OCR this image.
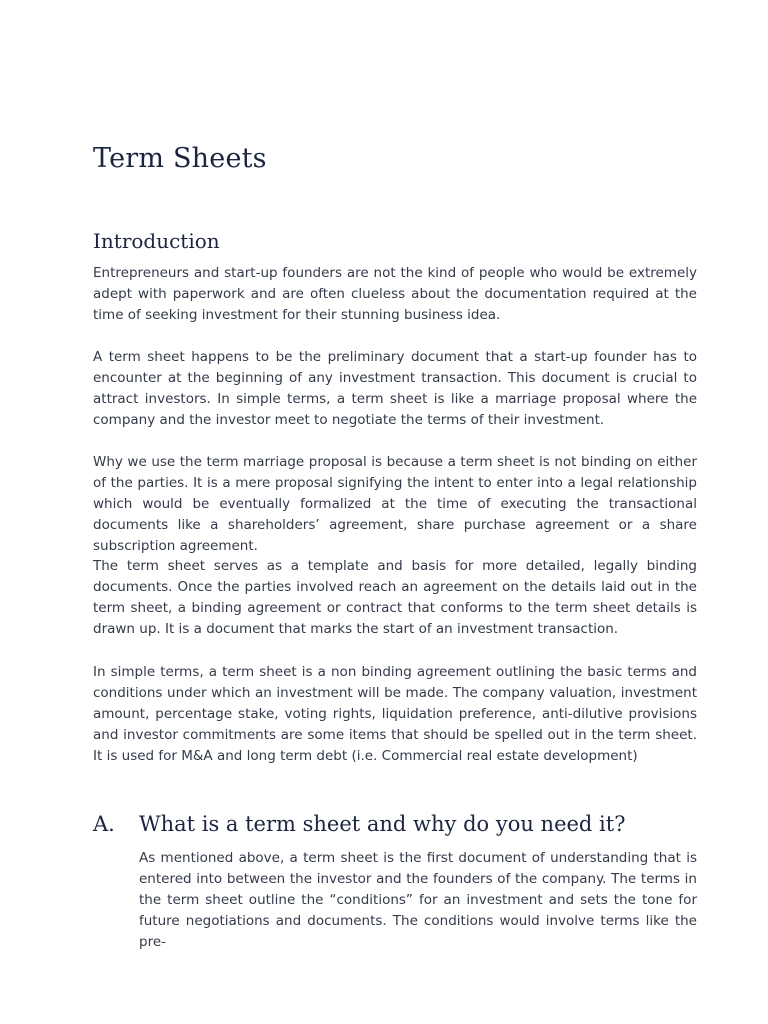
Term Sheets
Introduction

Entrepreneurs and start-up founders are not the kind of people who would be extremely adept with paperwork and are often clueless about the documentation required at the time of seeking investment for their stunning business idea.

A term sheet happens to be the preliminary document that a start-up founder has to encounter at the beginning of any investment transaction. This document is crucial to attract investors. In simple terms, a term sheet is like a marriage proposal where the company and the investor meet to negotiate the terms of their investment.

Why we use the term marriage proposal is because a term sheet is not binding on either of the parties. It is a mere proposal signifying the intent to enter into a legal relationship which would be eventually formalized at the time of executing the transactional documents like a shareholders’ agreement, share purchase agreement or a share subscription agreement.

The term sheet serves as a template and basis for more detailed, legally binding documents. Once the parties involved reach an agreement on the details laid out in the term sheet, a binding agreement or contract that conforms to the term sheet details is drawn up. It is a document that marks the start of an investment transaction.

In simple terms, a term sheet is a non binding agreement outlining the basic terms and conditions under which an investment will be made. The company valuation, investment amount, percentage stake, voting rights, liquidation preference, anti-dilutive provisions and investor commitments are some items that should be spelled out in the term sheet. It is used for M&A and long term debt (i.e. Commercial real estate development)

A. What is a term sheet and why do you need it?

As mentioned above, a term sheet is the first document of understanding that is entered into between the investor and the founders of the company. The terms in the term sheet outline the “conditions” for an investment and sets the tone for future negotiations and documents. The conditions would involve terms like the pre-
